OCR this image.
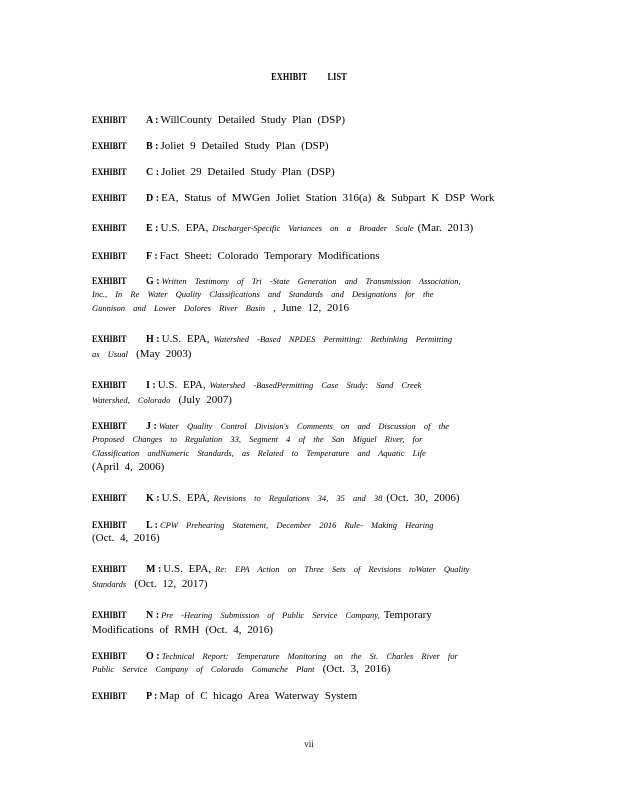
EXHIBIT LIST
EXHIBIT	A : WillCounty Detailed Study Plan (DSP)
EXHIBIT	B : Joliet 9 Detailed Study Plan (DSP)
EXHIBIT	C : Joliet 29 Detailed Study Plan (DSP)
EXHIBIT	D : EA, Status of MWGen Joliet Station 316(a) & Subpart K DSP Work
EXHIBIT	E : U.S. EPA,
Discharger-Specific Variances on a Broader Scale
(Mar. 2013)
EXHIBIT	F : Fact Sheet: Colorado Temporary Modifications
EXHIBIT	G : Written Testimony of Tri -State Generation and Transmission Association,
Inc., In Re Water Quality Classifications and Standards and Designations for the
Gunnison and Lower Dolores River Basin , June 12, 2016
EXHIBIT	H : U.S. EPA,
Watershed -Based NPDES Permitting: Rethinking Permitting
as Usual (May 2003)
EXHIBIT	I : U.S. EPA,
Watershed -BasedPermitting Case Study: Sand Creek
Watershed, Colorado (July 2007)
EXHIBIT	J : Water Quality Control Division's Comments on and Discussion of the
Proposed Changes to Regulation 33, Segment 4 of the San Miguel River, for
Classification andNumeric Standards, as Related to Temperature and Aquatic Life
(April 4, 2006)
EXHIBIT	K : U.S. EPA,
Revisions to Regulations 34, 35 and 38
(Oct. 30, 2006)
EXHIBIT	L : CPW Prehearing Statement, December 2016 Rule- Making Hearing
(Oct. 4, 2016)
EXHIBIT	M : U.S. EPA,
Re: EPA Action on Three Sets of Revisions toWater Quality
Standards (Oct. 12, 2017)
EXHIBIT	N : Pre -Hearing Submission of Public Service Company,
Temporary
Modifications of RMH (Oct. 4, 2016)
EXHIBIT	O : Technical Report: Temperature Monitoring on the St. Charles River for
Public Service Company of Colorado Comanche Plant (Oct. 3, 2016)
EXHIBIT	P : Map of C hicago Area Waterway System
vii
